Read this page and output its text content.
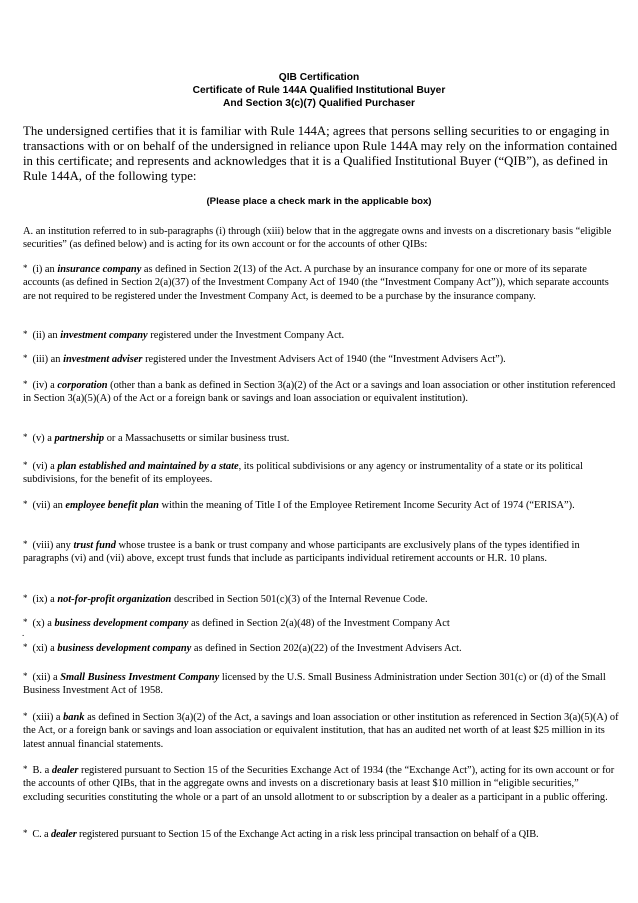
QIB Certification
Certificate of Rule 144A Qualified Institutional Buyer
And Section 3(c)(7) Qualified Purchaser
The undersigned certifies that it is familiar with Rule 144A; agrees that persons selling securities to or engaging in transactions with or on behalf of the undersigned in reliance upon Rule 144A may rely on the information contained in this certificate; and represents and acknowledges that it is a Qualified Institutional Buyer (“QIB”), as defined in Rule 144A, of the following type:
(Please place a check mark in the applicable box)
A. an institution referred to in sub-paragraphs (i) through (xiii) below that in the aggregate owns and invests on a discretionary basis “eligible securities” (as defined below) and is acting for its own account or for the accounts of other QIBs:
* (i) an insurance company as defined in Section 2(13) of the Act. A purchase by an insurance company for one or more of its separate accounts (as defined in Section 2(a)(37) of the Investment Company Act of 1940 (the “Investment Company Act”)), which separate accounts are not required to be registered under the Investment Company Act, is deemed to be a purchase by the insurance company.
* (ii) an investment company registered under the Investment Company Act.
* (iii) an investment adviser registered under the Investment Advisers Act of 1940 (the “Investment Advisers Act”).
* (iv) a corporation (other than a bank as defined in Section 3(a)(2) of the Act or a savings and loan association or other institution referenced in Section 3(a)(5)(A) of the Act or a foreign bank or savings and loan association or equivalent institution).
* (v) a partnership or a Massachusetts or similar business trust.
* (vi) a plan established and maintained by a state, its political subdivisions or any agency or instrumentality of a state or its political subdivisions, for the benefit of its employees.
* (vii) an employee benefit plan within the meaning of Title I of the Employee Retirement Income Security Act of 1974 (“ERISA”).
* (viii) any trust fund whose trustee is a bank or trust company and whose participants are exclusively plans of the types identified in paragraphs (vi) and (vii) above, except trust funds that include as participants individual retirement accounts or H.R. 10 plans.
* (ix) a not-for-profit organization described in Section 501(c)(3) of the Internal Revenue Code.
* (x) a business development company as defined in Section 2(a)(48) of the Investment Company Act
.
* (xi) a business development company as defined in Section 202(a)(22) of the Investment Advisers Act.
* (xii) a Small Business Investment Company licensed by the U.S. Small Business Administration under Section 301(c) or (d) of the Small Business Investment Act of 1958.
* (xiii) a bank as defined in Section 3(a)(2) of the Act, a savings and loan association or other institution as referenced in Section 3(a)(5)(A) of the Act, or a foreign bank or savings and loan association or equivalent institution, that has an audited net worth of at least $25 million in its latest annual financial statements.
* B. a dealer registered pursuant to Section 15 of the Securities Exchange Act of 1934 (the “Exchange Act”), acting for its own account or for the accounts of other QIBs, that in the aggregate owns and invests on a discretionary basis at least $10 million in “eligible securities,” excluding securities constituting the whole or a part of an unsold allotment to or subscription by a dealer as a participant in a public offering.
* C. a dealer registered pursuant to Section 15 of the Exchange Act acting in a risk less principal transaction on behalf of a QIB.
